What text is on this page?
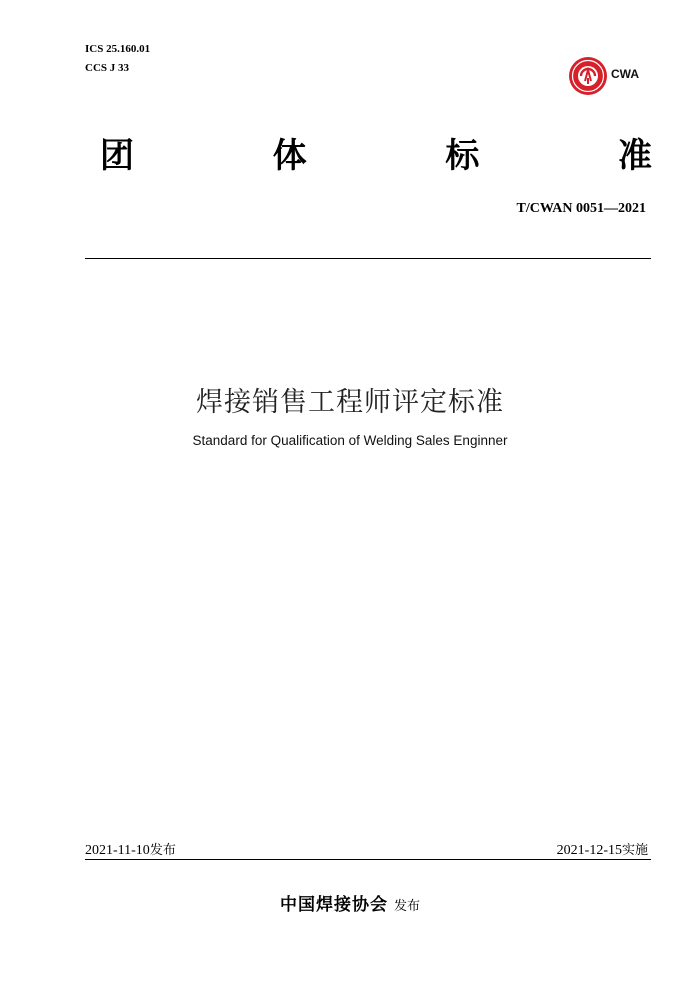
ICS 25.160.01
CCS J 33	CWA
团	体	标	准
T/CWAN 0051—2021
焊接销售工程师评定标准
Standard for Qualification of Welding Sales Enginner
2021-11-10发布	2021-12-15实施
中国焊接协会 发布
